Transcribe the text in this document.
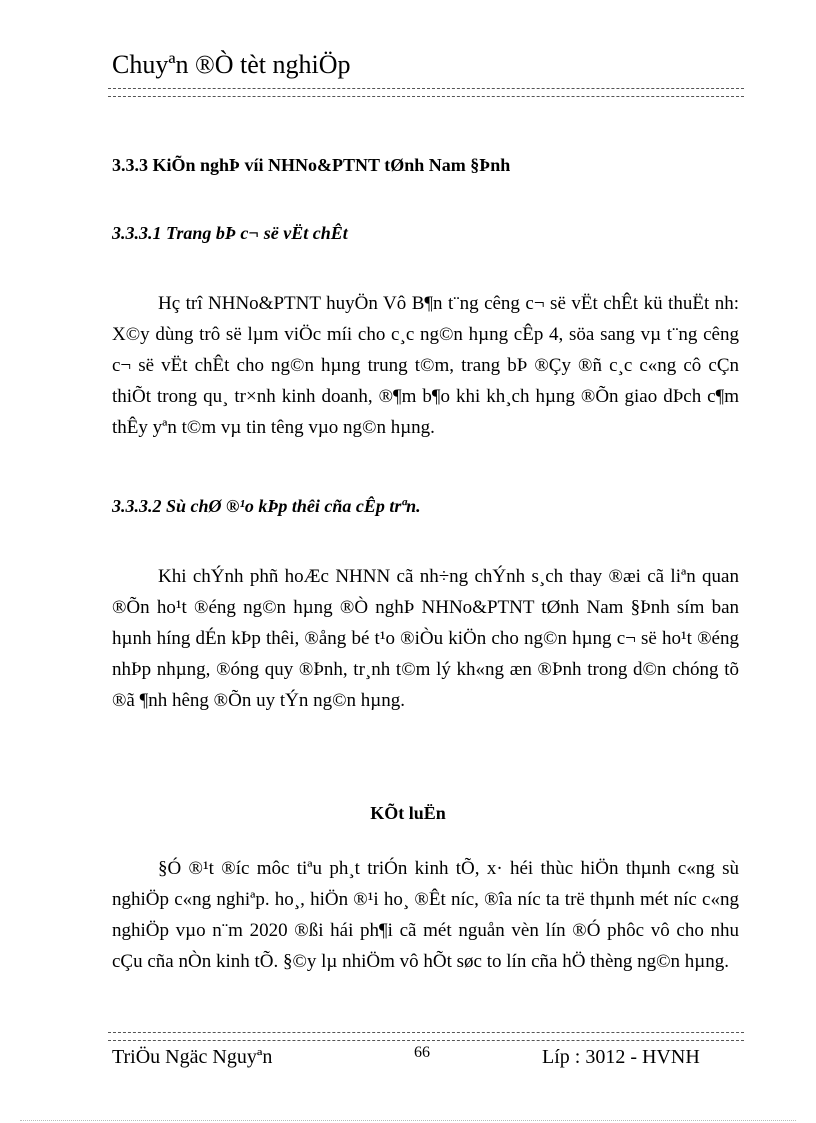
Chuyªn ®Ò tèt nghiÖp
3.3.3 KiÕn nghÞ víi NHNo&PTNT tØnh Nam §Þnh
3.3.3.1 Trang bÞ c¬ së vËt chÊt

Hç trî NHNo&PTNT huyÖn Vô B¶n t¨ng cêng c¬ së vËt chÊt kü thuËt nh: X©y dùng trô së lµm viÖc míi cho c¸c ng©n hµng cÊp 4, söa sang vµ t¨ng cêng c¬ së vËt chÊt cho ng©n hµng trung t©m, trang bÞ ®Çy ®ñ c¸c c«ng cô cÇn thiÕt trong qu¸ tr×nh kinh doanh, ®¶m b¶o khi kh¸ch hµng ®Õn giao dÞch c¶m thÊy yªn t©m vµ tin têng vµo ng©n hµng.

3.3.3.2 Sù chØ ®¹o kÞp thêi cña cÊp trªn.

Khi chÝnh phñ hoÆc NHNN cã nh÷ng chÝnh s¸ch thay ®æi cã liªn quan ®Õn ho¹t ®éng ng©n hµng ®Ò nghÞ NHNo&PTNT tØnh Nam §Þnh sím ban hµnh híng dÉn kÞp thêi, ®ång bé t¹o ®iÒu kiÖn cho ng©n hµng c¬ së ho¹t ®éng nhÞp nhµng, ®óng quy ®Þnh, tr¸nh t©m lý kh«ng æn ®Þnh trong d©n chóng tõ ®ã ¶nh hêng ®Õn uy tÝn ng©n hµng.

KÕt luËn

§Ó ®¹t ®íc môc tiªu ph¸t triÓn kinh tÕ, x· héi thùc hiÖn thµnh c«ng sù nghiÖp c«ng nghiªp. ho¸, hiÖn ®¹i ho¸ ®Êt níc, ®îa níc ta trë thµnh mét níc c«ng nghiÖp vµo n¨m 2020 ®ßi hái ph¶i cã mét nguån vèn lín ®Ó phôc vô cho nhu cÇu cña nÒn kinh tÕ. §©y lµ nhiÖm vô hÕt søc to lín cña hÖ thèng ng©n hµng.

TriÖu Ngäc Nguyªn	66	Líp : 3012 - HVNH
